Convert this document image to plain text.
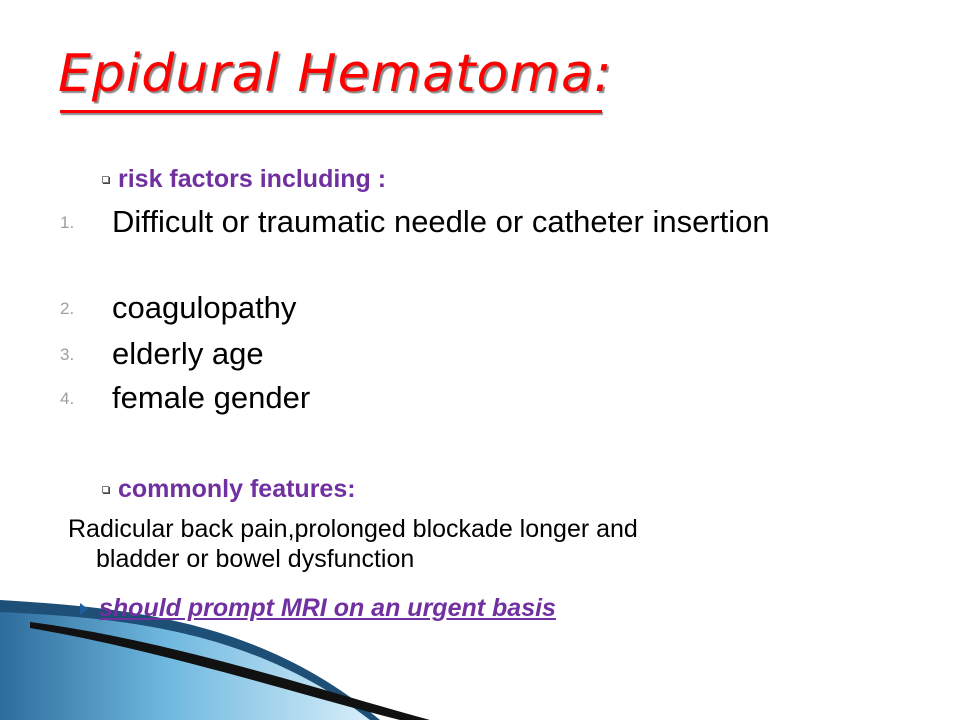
Epidural Hematoma:
risk factors including :
1.	Difficult or traumatic needle or catheter insertion
2.	coagulopathy
3.	elderly age
4.	female gender
commonly features:
Radicular back pain,prolonged blockade longer and
bladder or bowel dysfunction
should prompt MRI on an urgent basis
